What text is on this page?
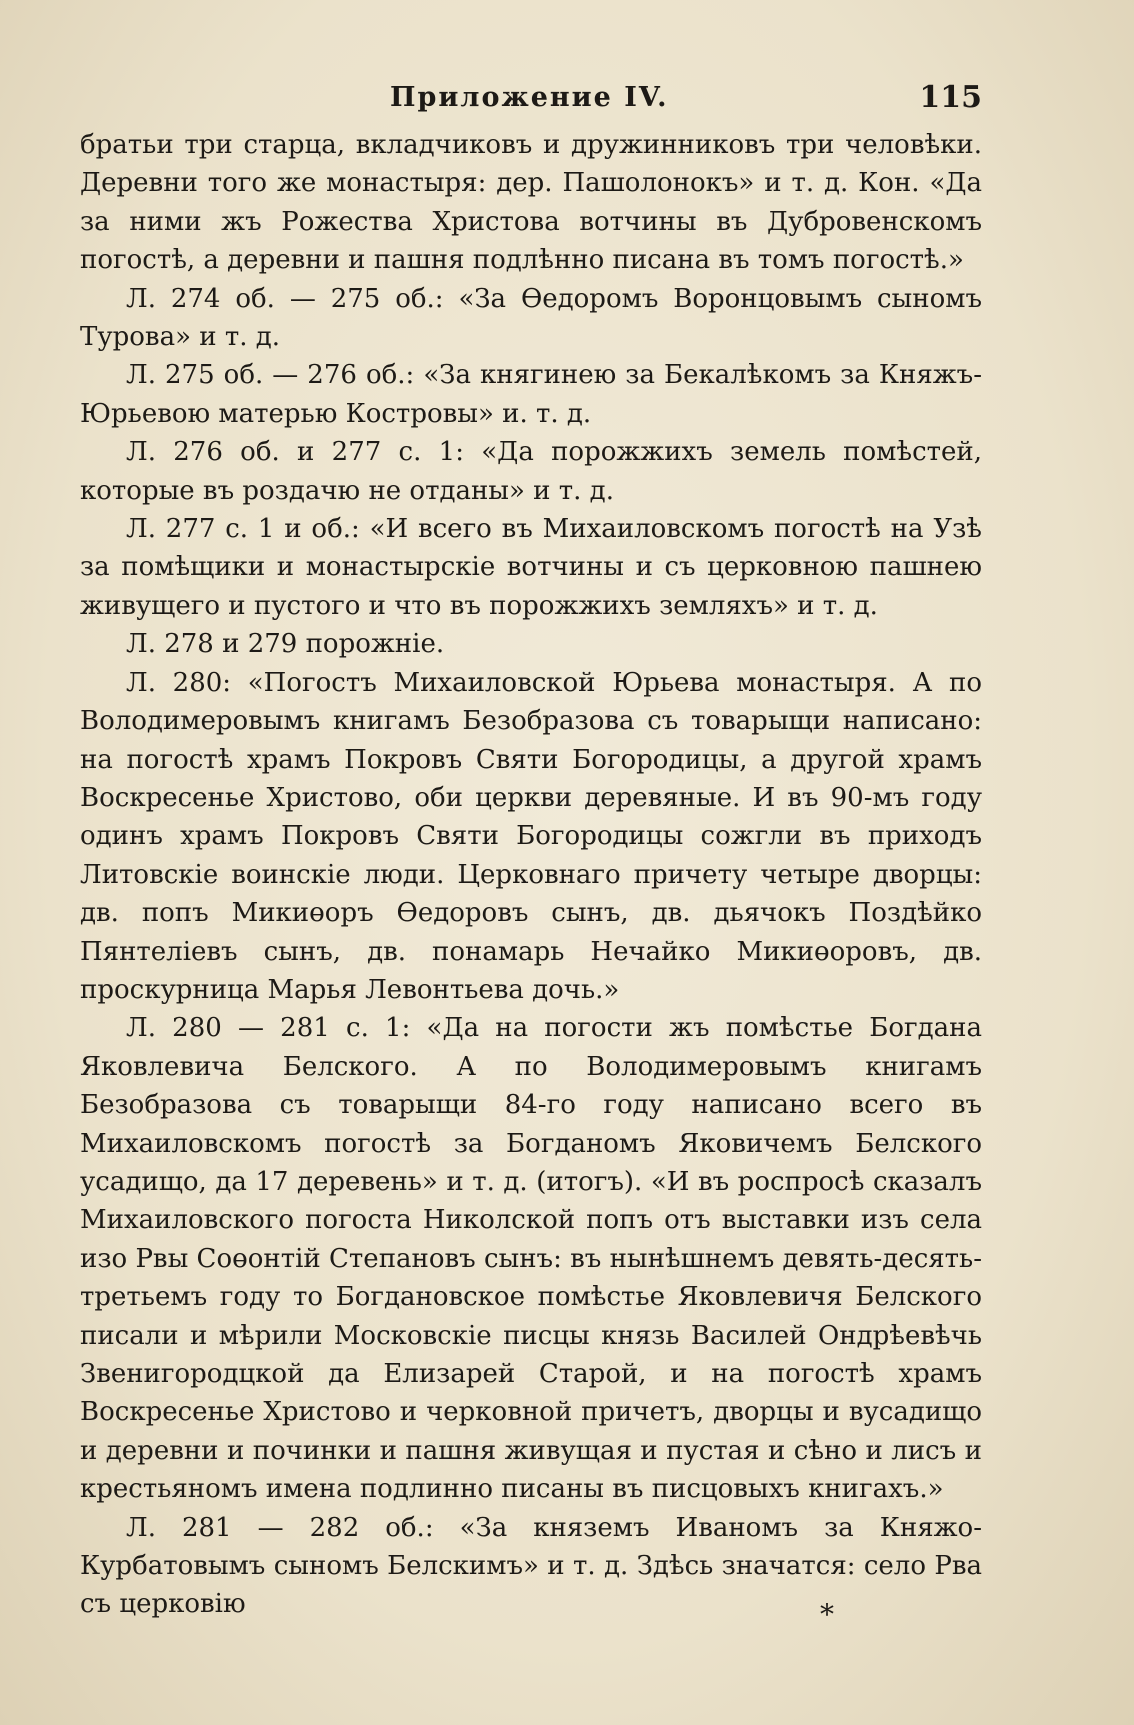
Приложение IV.	115

братьи три старца, вкладчиковъ и дружинниковъ три человѣки. Деревни того же монастыря: дер. Пашолонокъ» и т. д. Кон. «Да за ними жъ Рожества Христова вотчины въ Дубровенскомъ погостѣ, а деревни и пашня подлѣнно писана въ томъ погостѣ.»

Л. 274 об. — 275 об.: «За Өедоромъ Воронцовымъ сыномъ Турова» и т. д.

Л. 275 об. — 276 об.: «За княгинею за Бекалѣкомъ за Княжъ-Юрьевою матерью Костровы» и. т. д.

Л. 276 об. и 277 с. 1: «Да порожжихъ земель помѣстей, которые въ роздачю не отданы» и т. д.

Л. 277 с. 1 и об.: «И всего въ Михаиловскомъ погостѣ на Узѣ за помѣщики и монастырскіе вотчины и съ церковною пашнею живущего и пустого и что въ порожжихъ земляхъ» и т. д.

Л. 278 и 279 порожніе.

Л. 280: «Погостъ Михаиловской Юрьева монастыря. А по Володимеровымъ книгамъ Безобразова съ товарыщи написано: на погостѣ храмъ Покровъ Святи Богородицы, а другой храмъ Воскресенье Христово, оби церкви деревяные. И въ 90-мъ году одинъ храмъ Покровъ Святи Богородицы сожгли въ приходъ Литовскіе воинскіе люди. Церковнаго причету четыре дворцы: дв. попъ Микиөоръ Өедоровъ сынъ, дв. дьячокъ Поздѣйко Пянтеліевъ сынъ, дв. понамарь Нечайко Микиөоровъ, дв. проскурница Марья Левонтьева дочь.»

Л. 280 — 281 с. 1: «Да на погости жъ помѣстье Богдана Яковлевича Белского. А по Володимеровымъ книгамъ Безобразова съ товарыщи 84-го году написано всего въ Михаиловскомъ погостѣ за Богданомъ Яковичемъ Белского усадищо, да 17 деревень» и т. д. (итогъ). «И въ роспросѣ сказалъ Михаиловского погоста Николской попъ отъ выставки изъ села изо Рвы Соөонтій Степановъ сынъ: въ нынѣшнемъ девять-десять-третьемъ году то Богдановское помѣстье Яковлевичя Белского писали и мѣрили Московскіе писцы князь Василей Ондрѣевѣчь Звенигородцкой да Елизарей Старой, и на погостѣ храмъ Воскресенье Христово и черковной причетъ, дворцы и вусадищо и деревни и починки и пашня живущая и пустая и сѣно и лисъ и крестьяномъ имена подлинно писаны въ писцовыхъ книгахъ.»

Л. 281 — 282 об.: «За княземъ Иваномъ за Княжо-Курбатовымъ сыномъ Белскимъ» и т. д. Здѣсь значатся: село Рва съ церковію	*
